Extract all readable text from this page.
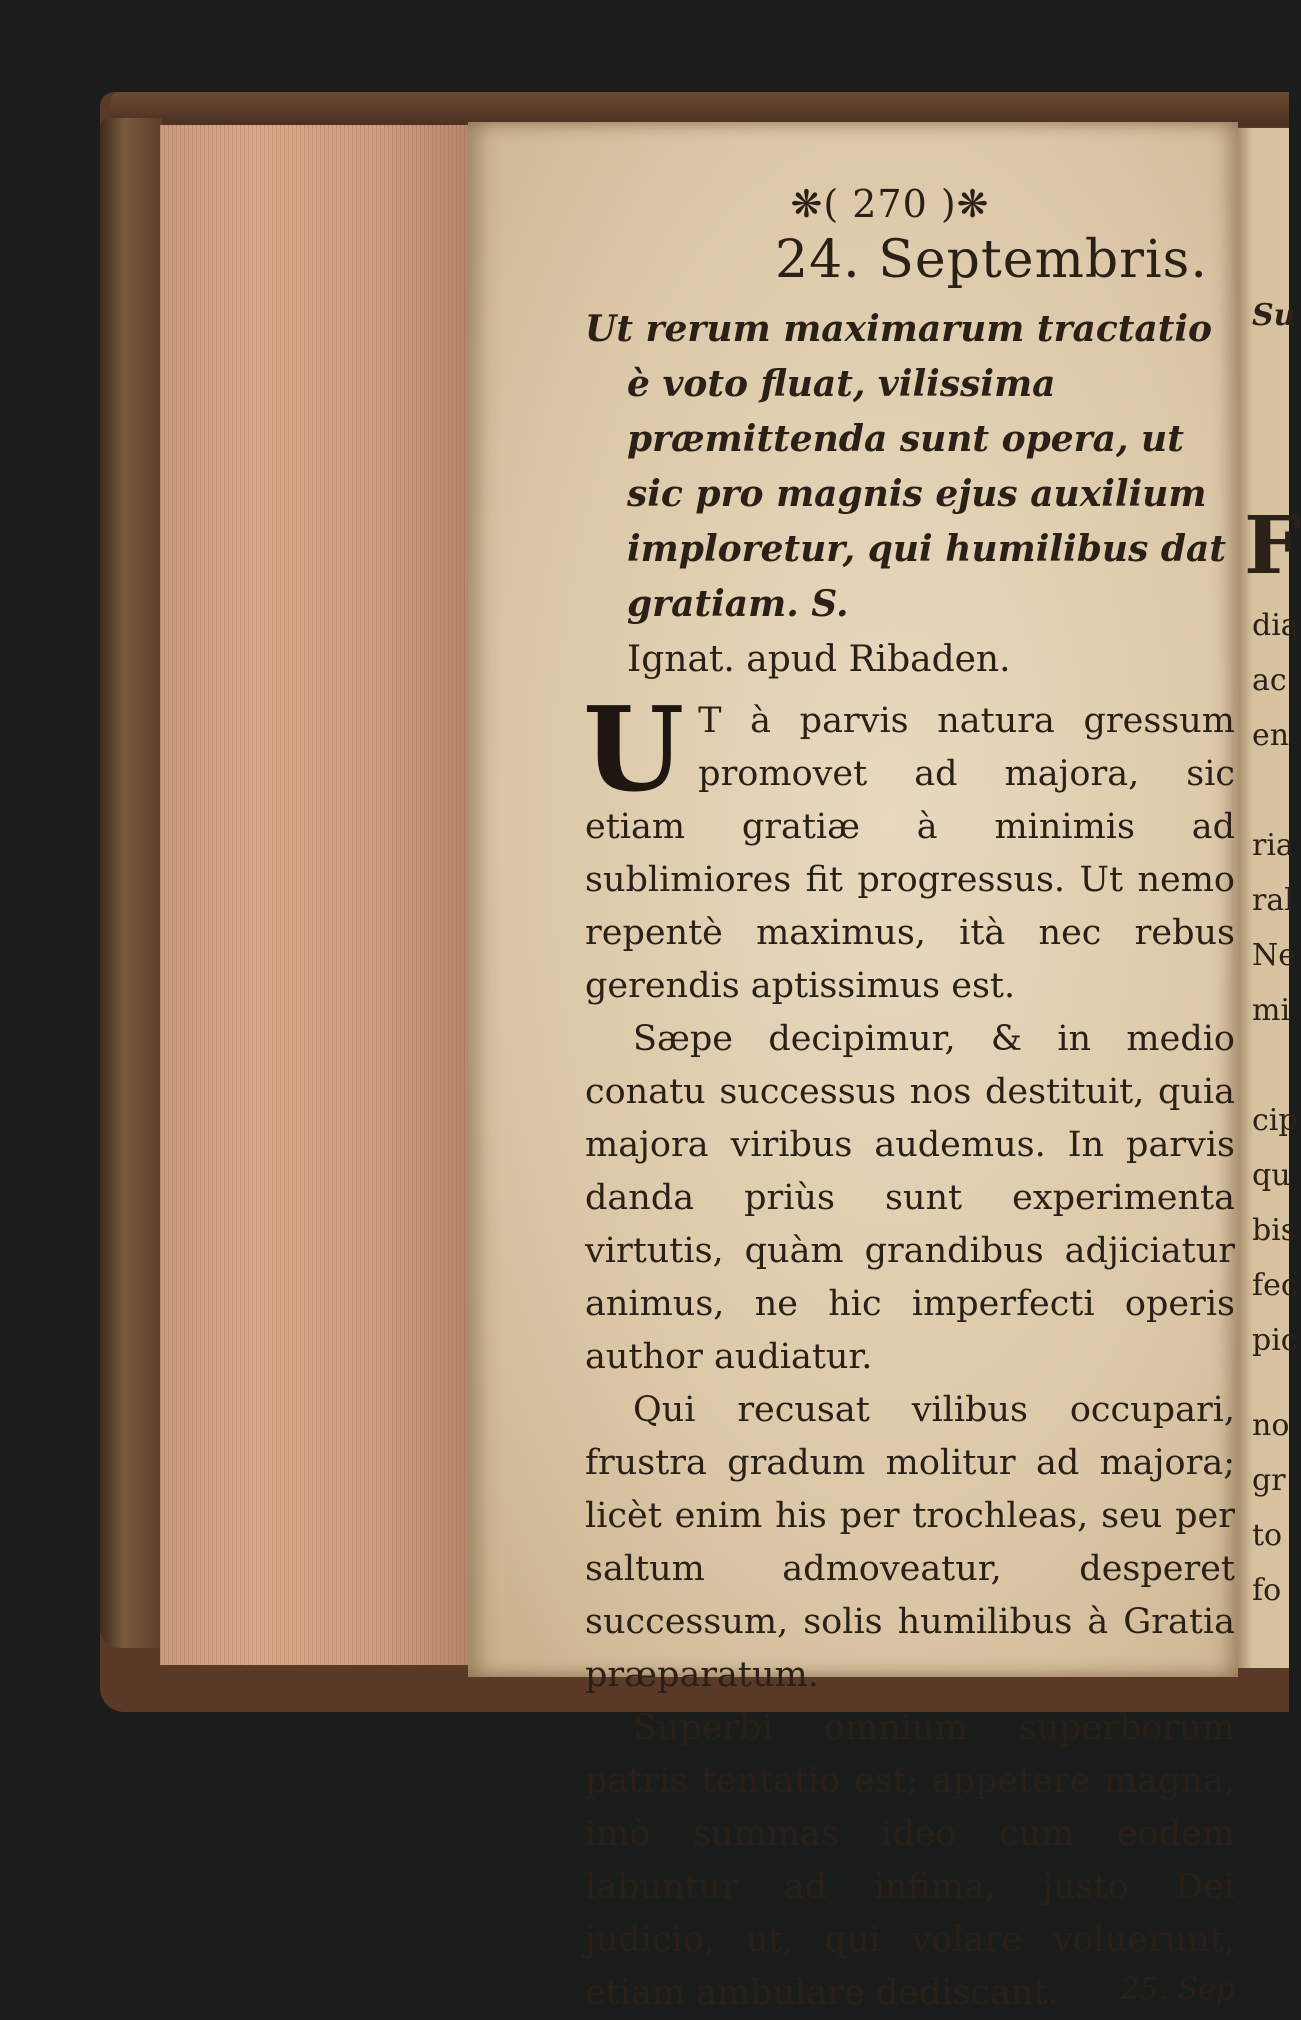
Su
F
dia
ac
en
ria
ral
Ne
mi
cip
qu
bis
fec
pic
no
gr
to
fo
❋( 270 )❋
24. Septembris.

Ut rerum maximarum tractatio è voto fluat, vilissima præmittenda sunt opera, ut sic pro magnis ejus auxilium imploretur, qui humilibus dat gratiam. S.

Ignat. apud Ribaden.

U T à parvis natura gressum promovet ad majora, sic etiam gratiæ à minimis ad sublimiores fit progressus. Ut nemo repentè maximus, ità nec rebus gerendis aptissimus est.

Sæpe decipimur, & in medio conatu successus nos destituit, quia majora viribus audemus. In parvis danda priùs sunt experimenta virtutis, quàm grandibus adjiciatur animus, ne hic imperfecti operis author audiatur.

Qui recusat vilibus occupari, frustra gradum molitur ad majora; licèt enim his per trochleas, seu per saltum admoveatur, desperet successum, solis humilibus à Gratia præparatum.

Superbi omnium superborum patris tentatio est; appetere magna, imò summas ideo cum eodem labuntur ad infima, justo Dei judicio, ut, qui volare voluerunt, etiam ambulare dediscant.	25. Sep
